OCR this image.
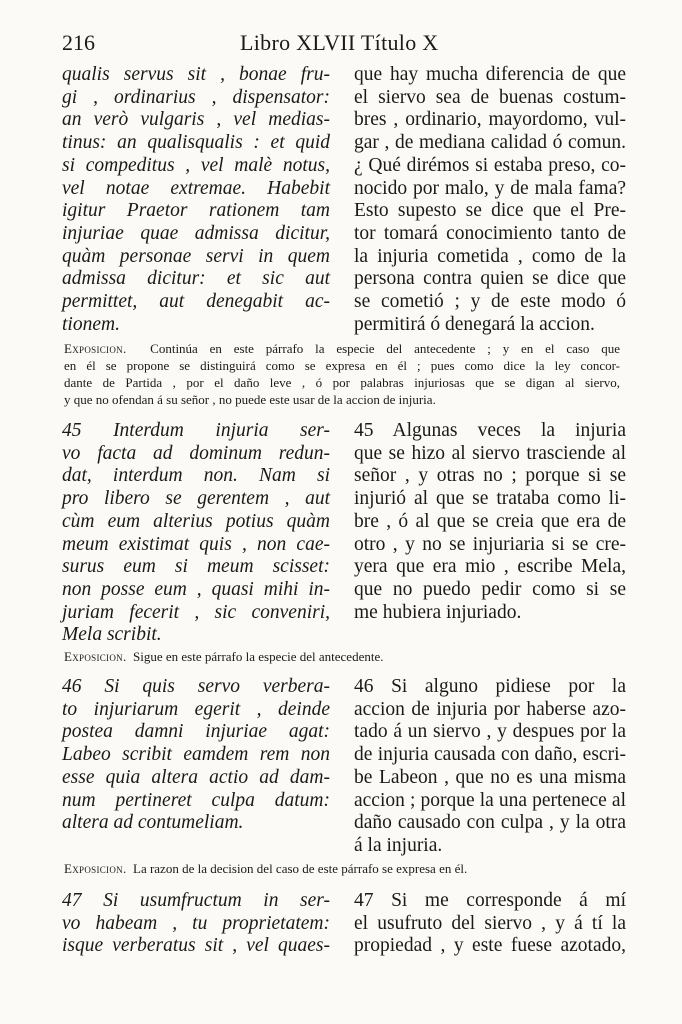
216	Libro XLVII Título X
qualis servus sit , bonae fru-
gi , ordinarius , dispensator:
an verò vulgaris , vel medias-
tinus: an qualisqualis : et quid
si compeditus , vel malè notus,
vel notae extremae. Habebit
igitur Praetor rationem tam
injuriae quae admissa dicitur,
quàm personae servi in quem
admissa dicitur: et sic aut
permittet, aut denegabit ac-
tionem.
que hay mucha diferencia de que
el siervo sea de buenas costum-
bres , ordinario, mayordomo, vul-
gar , de mediana calidad ó comun.
¿ Qué dirémos si estaba preso, co-
nocido por malo, y de mala fama?
Esto supesto se dice que el Pre-
tor tomará conocimiento tanto de
la injuria cometida , como de la
persona contra quien se dice que
se cometió ; y de este modo ó
permitirá ó denegará la accion.
Exposicion. Continúa en este párrafo la especie del antecedente ; y en el caso que
en él se propone se distinguirá como se expresa en él ; pues como dice la ley concor-
dante de Partida , por el daño leve , ó por palabras injuriosas que se digan al siervo,
y que no ofendan á su señor , no puede este usar de la accion de injuria.
45 Interdum injuria ser-
vo facta ad dominum redun-
dat, interdum non. Nam si
pro libero se gerentem , aut
cùm eum alterius potius quàm
meum existimat quis , non cae-
surus eum si meum scisset:
non posse eum , quasi mihi in-
juriam fecerit , sic conveniri,
Mela scribit.
45 Algunas veces la injuria
que se hizo al siervo trasciende al
señor , y otras no ; porque si se
injurió al que se trataba como li-
bre , ó al que se creia que era de
otro , y no se injuriaria si se cre-
yera que era mio , escribe Mela,
que no puedo pedir como si se
me hubiera injuriado.
Exposicion. Sigue en este párrafo la especie del antecedente.
46 Si quis servo verbera-
to injuriarum egerit , deinde
postea damni injuriae agat:
Labeo scribit eamdem rem non
esse quia altera actio ad dam-
num pertineret culpa datum:
altera ad contumeliam.
46 Si alguno pidiese por la
accion de injuria por haberse azo-
tado á un siervo , y despues por la
de injuria causada con daño, escri-
be Labeon , que no es una misma
accion ; porque la una pertenece al
daño causado con culpa , y la otra
á la injuria.
Exposicion. La razon de la decision del caso de este párrafo se expresa en él.
47 Si usumfructum in ser-
vo habeam , tu proprietatem:
isque verberatus sit , vel quaes-
47 Si me corresponde á mí
el usufruto del siervo , y á tí la
propiedad , y este fuese azotado,
